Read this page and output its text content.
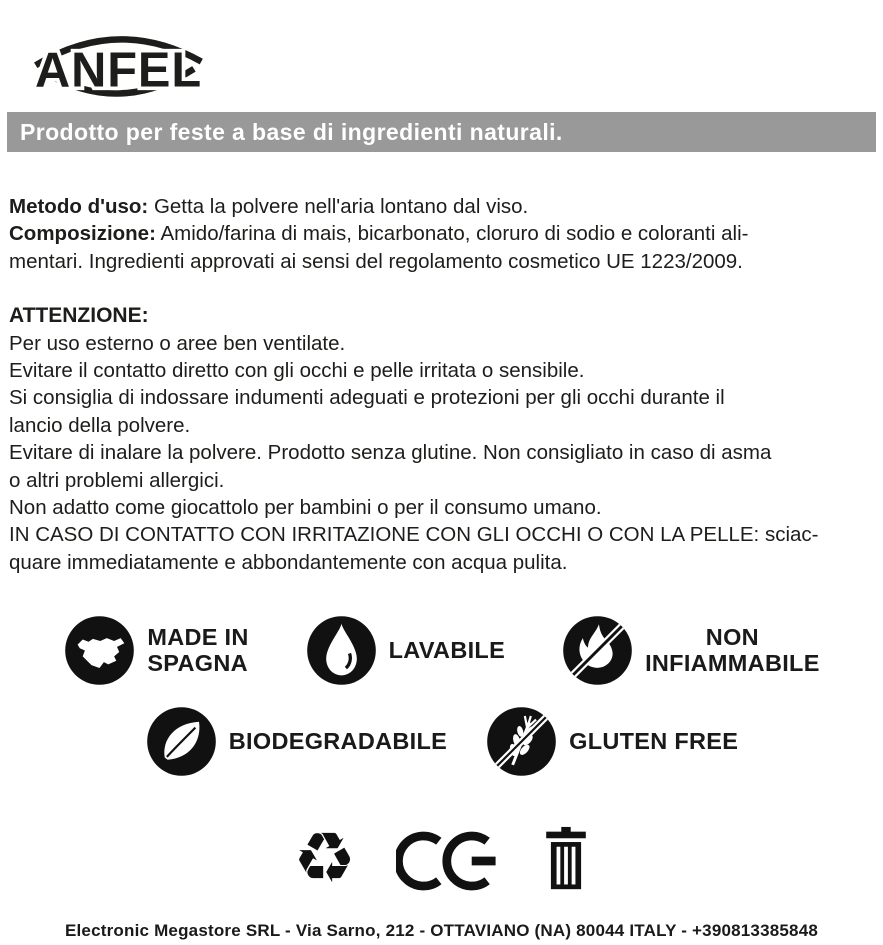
ANFEL
Prodotto per feste a base di ingredienti naturali.
Metodo d'uso: Getta la polvere nell'aria lontano dal viso.
Composizione: Amido/farina di mais, bicarbonato, cloruro di sodio e coloranti ali-
mentari. Ingredienti approvati ai sensi del regolamento cosmetico UE 1223/2009.
ATTENZIONE:
Per uso esterno o aree ben ventilate.
Evitare il contatto diretto con gli occhi e pelle irritata o sensibile.
Si consiglia di indossare indumenti adeguati e protezioni per gli occhi durante il
lancio della polvere.
Evitare di inalare la polvere. Prodotto senza glutine. Non consigliato in caso di asma
o altri problemi allergici.
Non adatto come giocattolo per bambini o per il consumo umano.
IN CASO DI CONTATTO CON IRRITAZIONE CON GLI OCCHI O CON LA PELLE: sciac-
quare immediatamente e abbondantemente con acqua pulita.
MADE IN
SPAGNA	LAVABILE	NON
INFIAMMABILE
BIODEGRADABILE	GLUTEN FREE
♻
Electronic Megastore SRL - Via Sarno, 212 - OTTAVIANO (NA) 80044 ITALY - +390813385848
